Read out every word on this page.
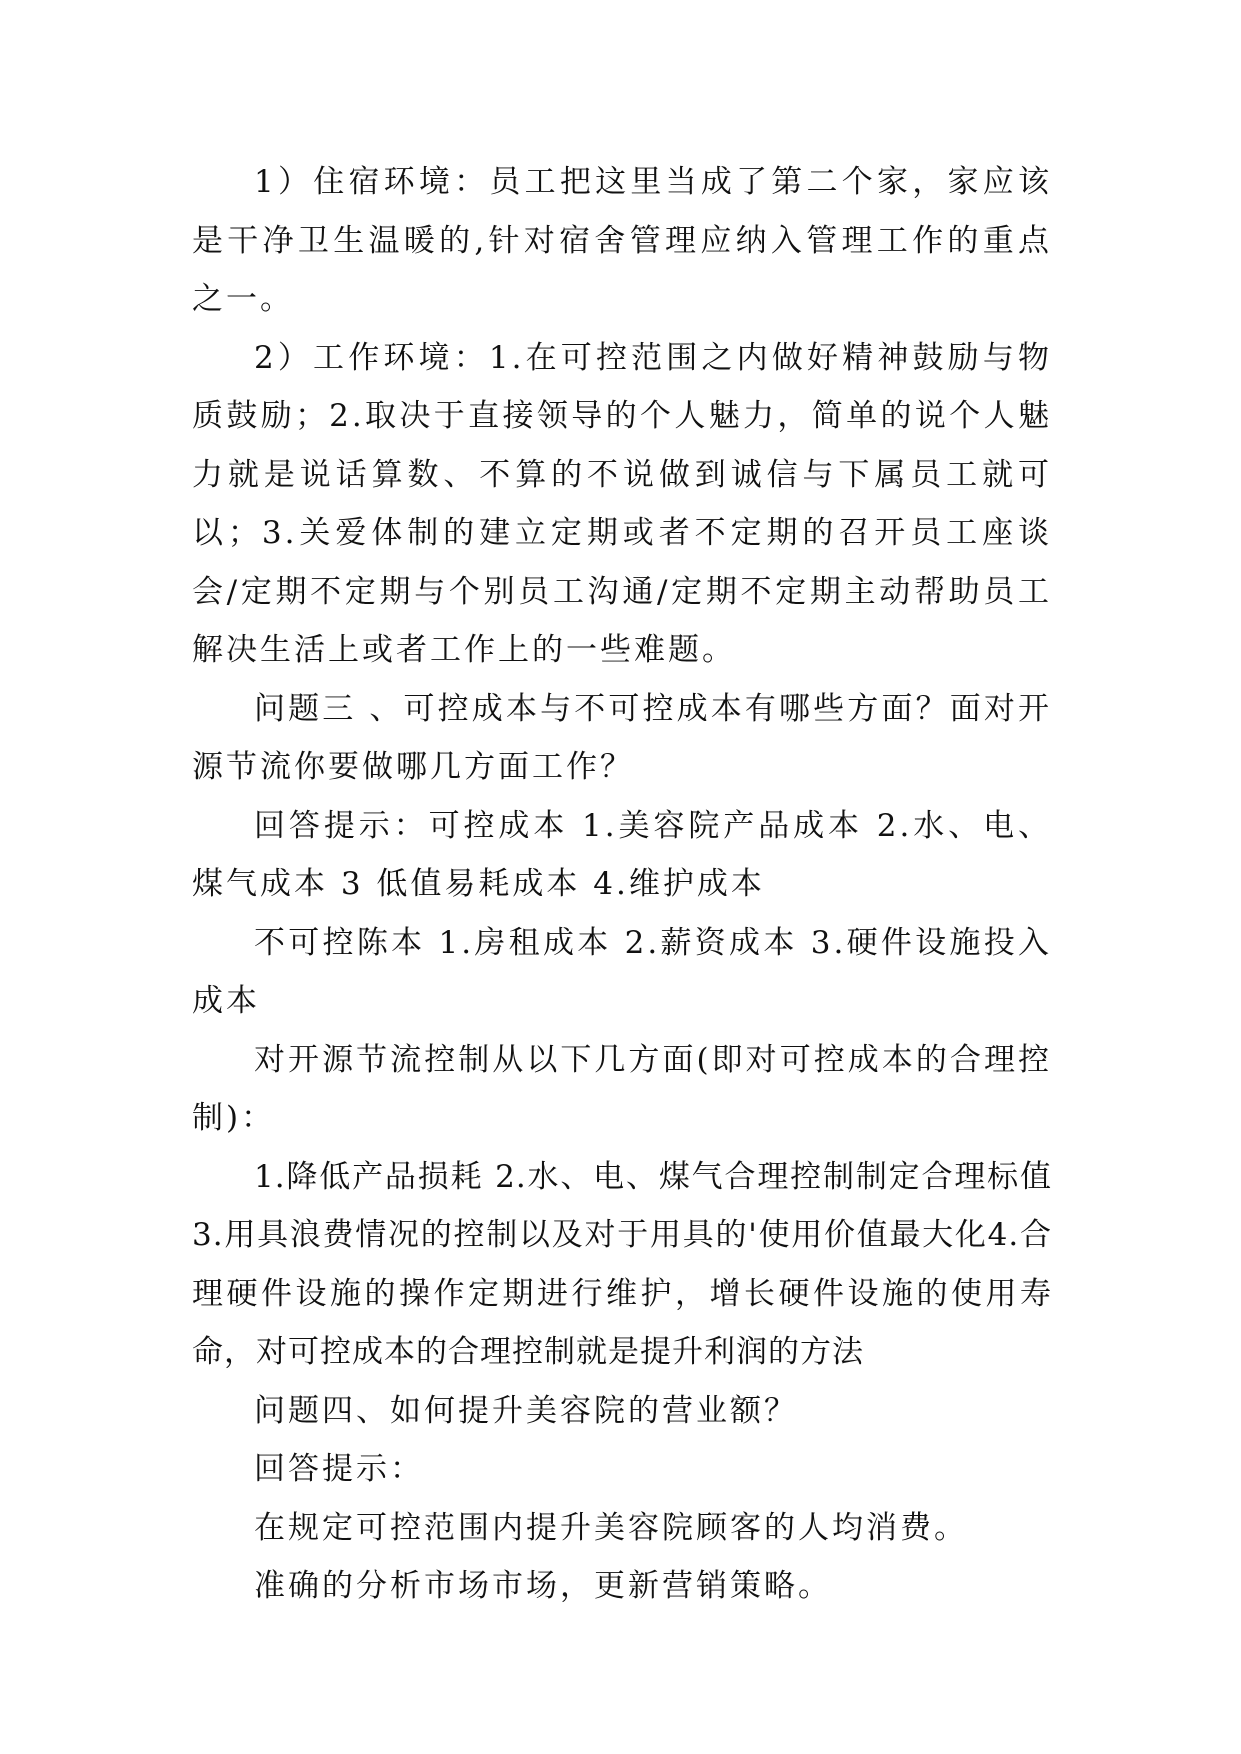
1）住宿环境：员工把这里当成了第二个家，家应该是干净卫生温暖的,针对宿舍管理应纳入管理工作的重点之一。

2）工作环境：1.在可控范围之内做好精神鼓励与物质鼓励；2.取决于直接领导的个人魅力，简单的说个人魅力就是说话算数、不算的不说做到诚信与下属员工就可以；3.关爱体制的建立定期或者不定期的召开员工座谈会/定期不定期与个别员工沟通/定期不定期主动帮助员工解决生活上或者工作上的一些难题。

问题三 、可控成本与不可控成本有哪些方面？面对开源节流你要做哪几方面工作？

回答提示：可控成本 1.美容院产品成本 2.水、电、煤气成本 3 低值易耗成本 4.维护成本

不可控陈本 1.房租成本 2.薪资成本 3.硬件设施投入成本

对开源节流控制从以下几方面(即对可控成本的合理控制)：

1.降低产品损耗 2.水、电、煤气合理控制制定合理标值3.用具浪费情况的控制以及对于用具的'使用价值最大化4.合理硬件设施的操作定期进行维护，增长硬件设施的使用寿命，对可控成本的合理控制就是提升利润的方法

问题四、如何提升美容院的营业额？

回答提示：

在规定可控范围内提升美容院顾客的人均消费。

准确的分析市场市场，更新营销策略。
